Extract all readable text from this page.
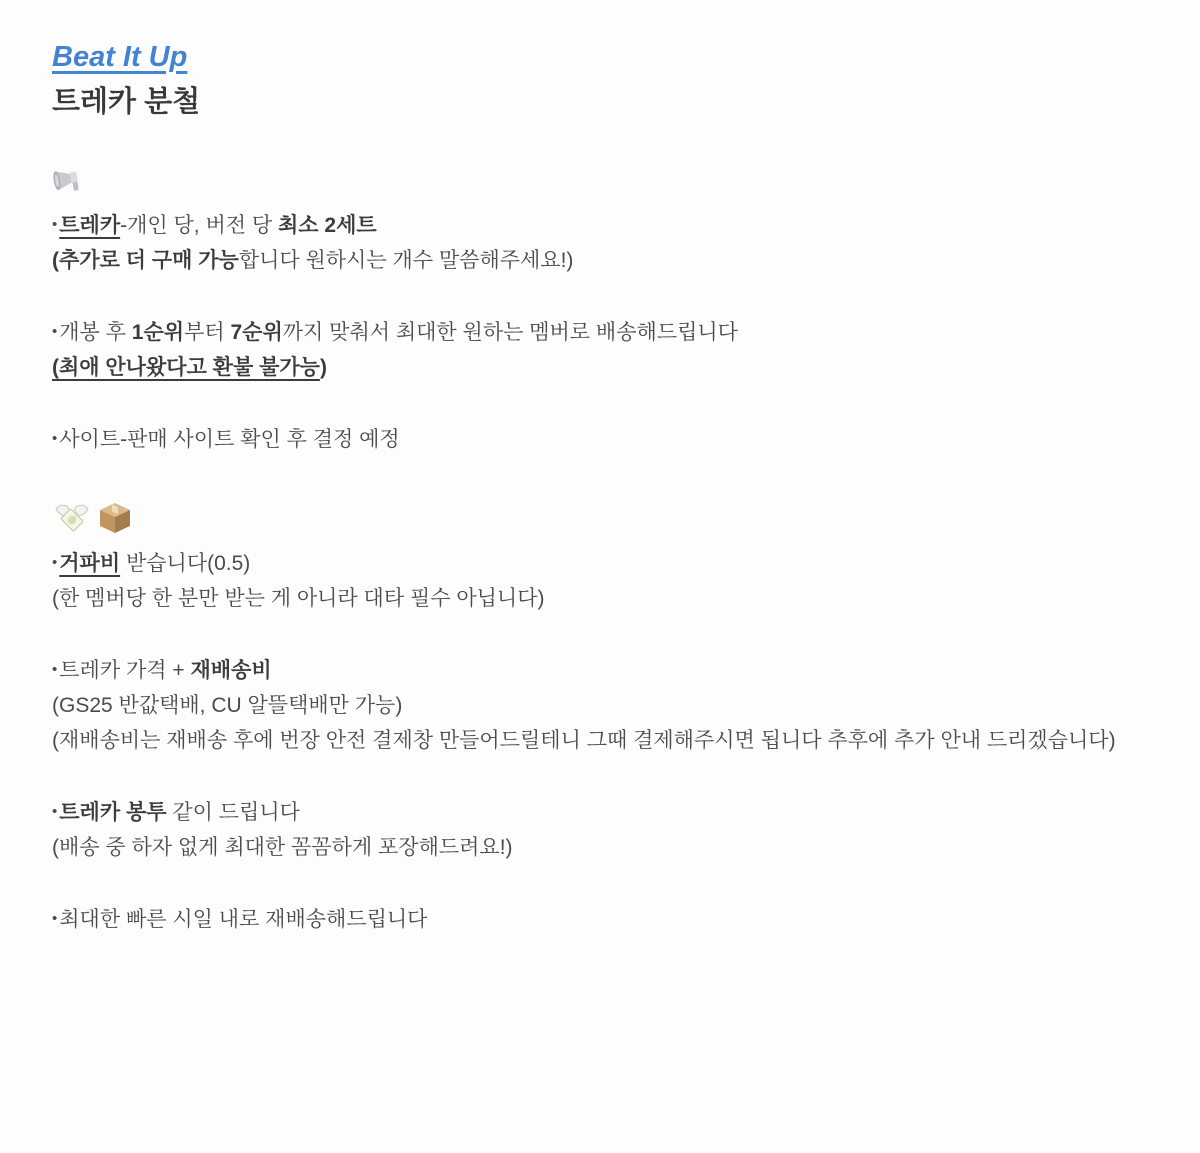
Beat It Up
트레카 분철
•트레카-개인 당, 버전 당 최소 2세트
(추가로 더 구매 가능합니다 원하시는 개수 말씀해주세요!)
•개봉 후 1순위부터 7순위까지 맞춰서 최대한 원하는 멤버로 배송해드립니다
(최애 안나왔다고 환불 불가능)
•사이트-판매 사이트 확인 후 결정 예정
•거파비 받습니다(0.5)
(한 멤버당 한 분만 받는 게 아니라 대타 필수 아닙니다)
•트레카 가격 + 재배송비
(GS25 반값택배, CU 알뜰택배만 가능)
(재배송비는 재배송 후에 번장 안전 결제창 만들어드릴테니 그때 결제해주시면 됩니다 추후에 추가 안내 드리겠습니다)
•트레카 봉투 같이 드립니다
(배송 중 하자 없게 최대한 꼼꼼하게 포장해드려요!)
•최대한 빠른 시일 내로 재배송해드립니다
